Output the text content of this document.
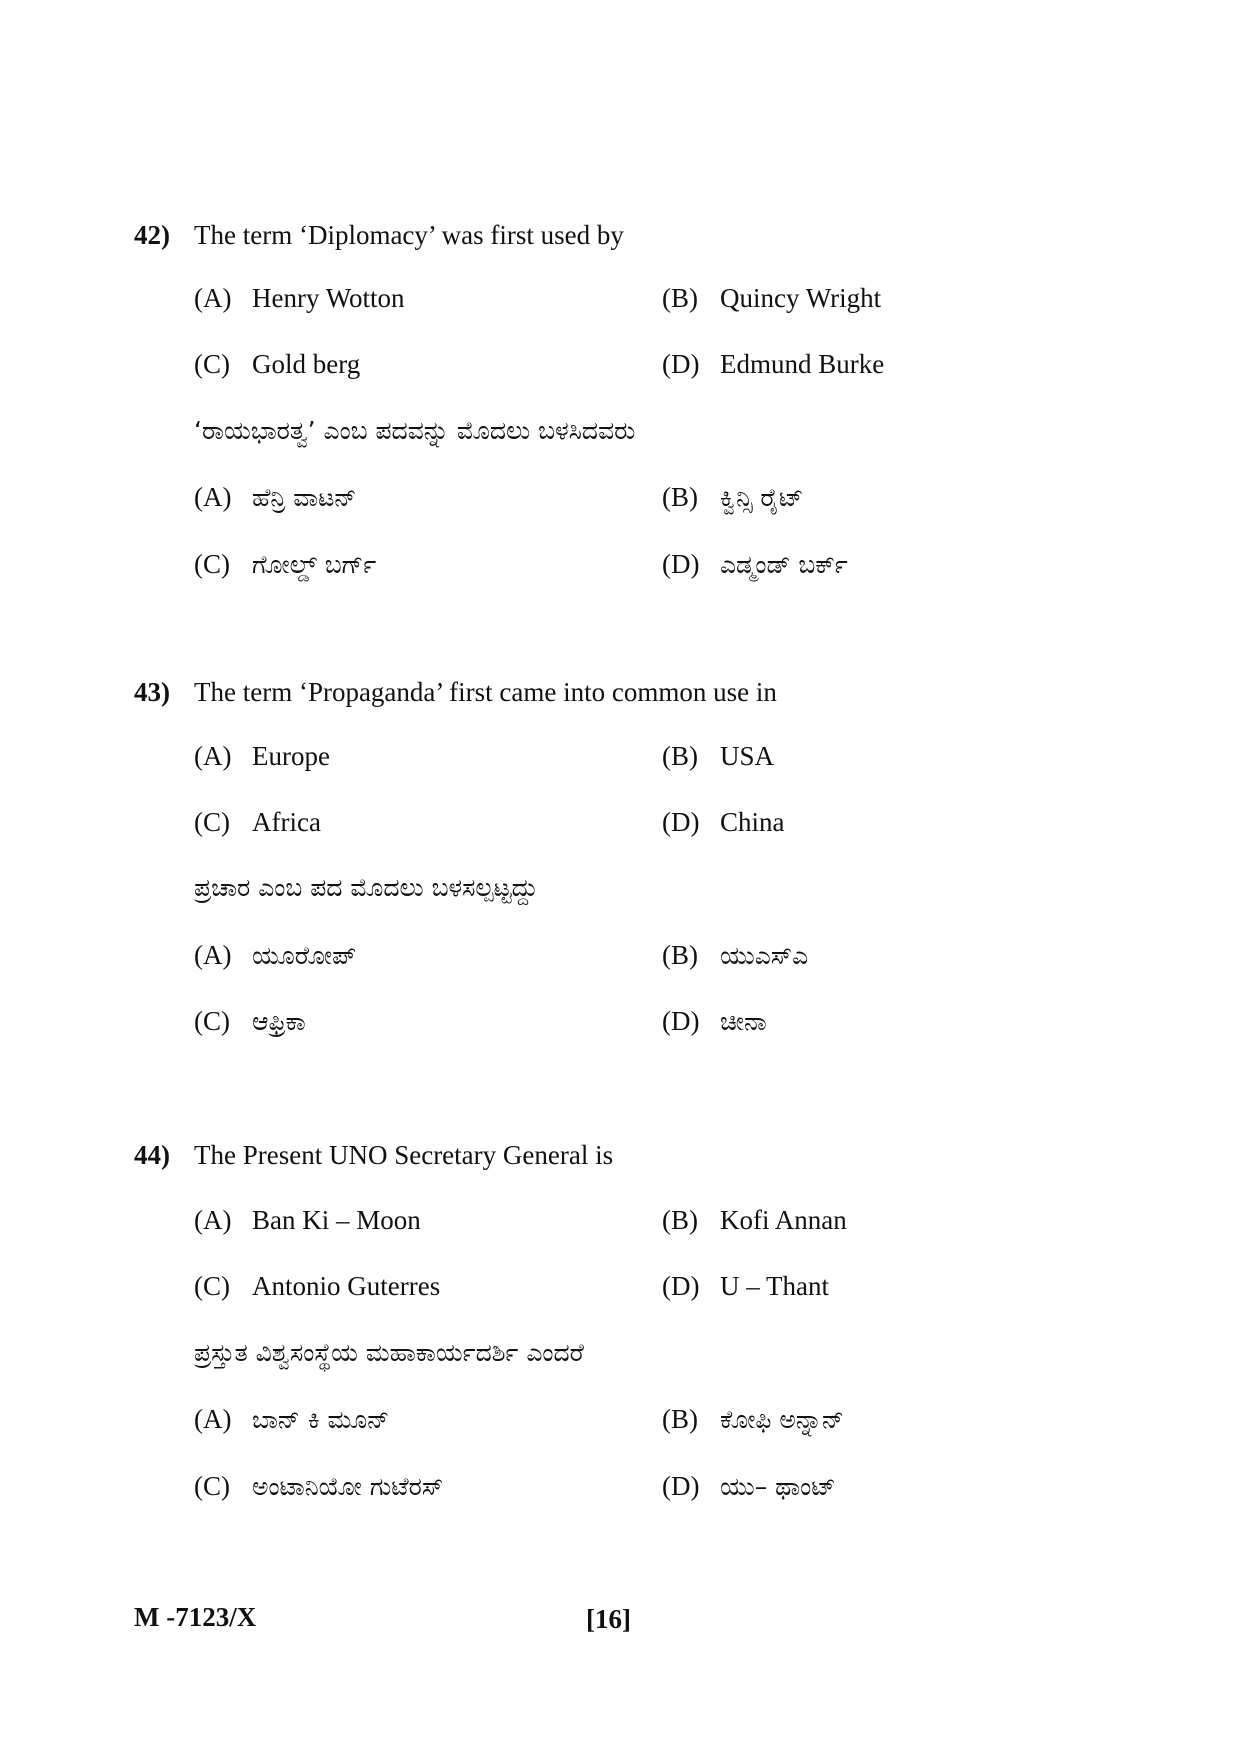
42) The term ‘Diplomacy’ was first used by
(A) Henry Wotton	(B) Quincy Wright
(C) Gold berg	(D) Edmund Burke
‘ರಾಯಭಾರತ್ವ’ ಎಂಬ ಪದವನ್ನು ಮೊದಲು ಬಳಸಿದವರು
(A) ಹೆನ್ರಿ ವಾಟನ್	(B) ಕ್ವಿನ್ಸಿ ರೈಟ್
(C) ಗೋಲ್ಡ್ ಬರ್ಗ್	(D) ಎಡ್ಮಂಡ್ ಬರ್ಕ್
43) The term ‘Propaganda’ first came into common use in
(A) Europe	(B) USA
(C) Africa	(D) China
ಪ್ರಚಾರ ಎಂಬ ಪದ ಮೊದಲು ಬಳಸಲ್ಪಟ್ಟದ್ದು
(A) ಯೂರೋಪ್	(B) ಯುಎಸ್ಎ
(C) ಆಫ್ರಿಕಾ	(D) ಚೀನಾ
44) The Present UNO Secretary General is
(A) Ban Ki – Moon	(B) Kofi Annan
(C) Antonio Guterres	(D) U – Thant
ಪ್ರಸ್ತುತ ವಿಶ್ವಸಂಸ್ಥೆಯ ಮಹಾಕಾರ್ಯದರ್ಶಿ ಎಂದರೆ
(A) ಬಾನ್ ಕಿ ಮೂನ್	(B) ಕೋಫಿ ಅನ್ನಾನ್
(C) ಅಂಟಾನಿಯೋ ಗುಟೆರಸ್	(D) ಯು– ಥಾಂಟ್
M -7123/X	[16]
